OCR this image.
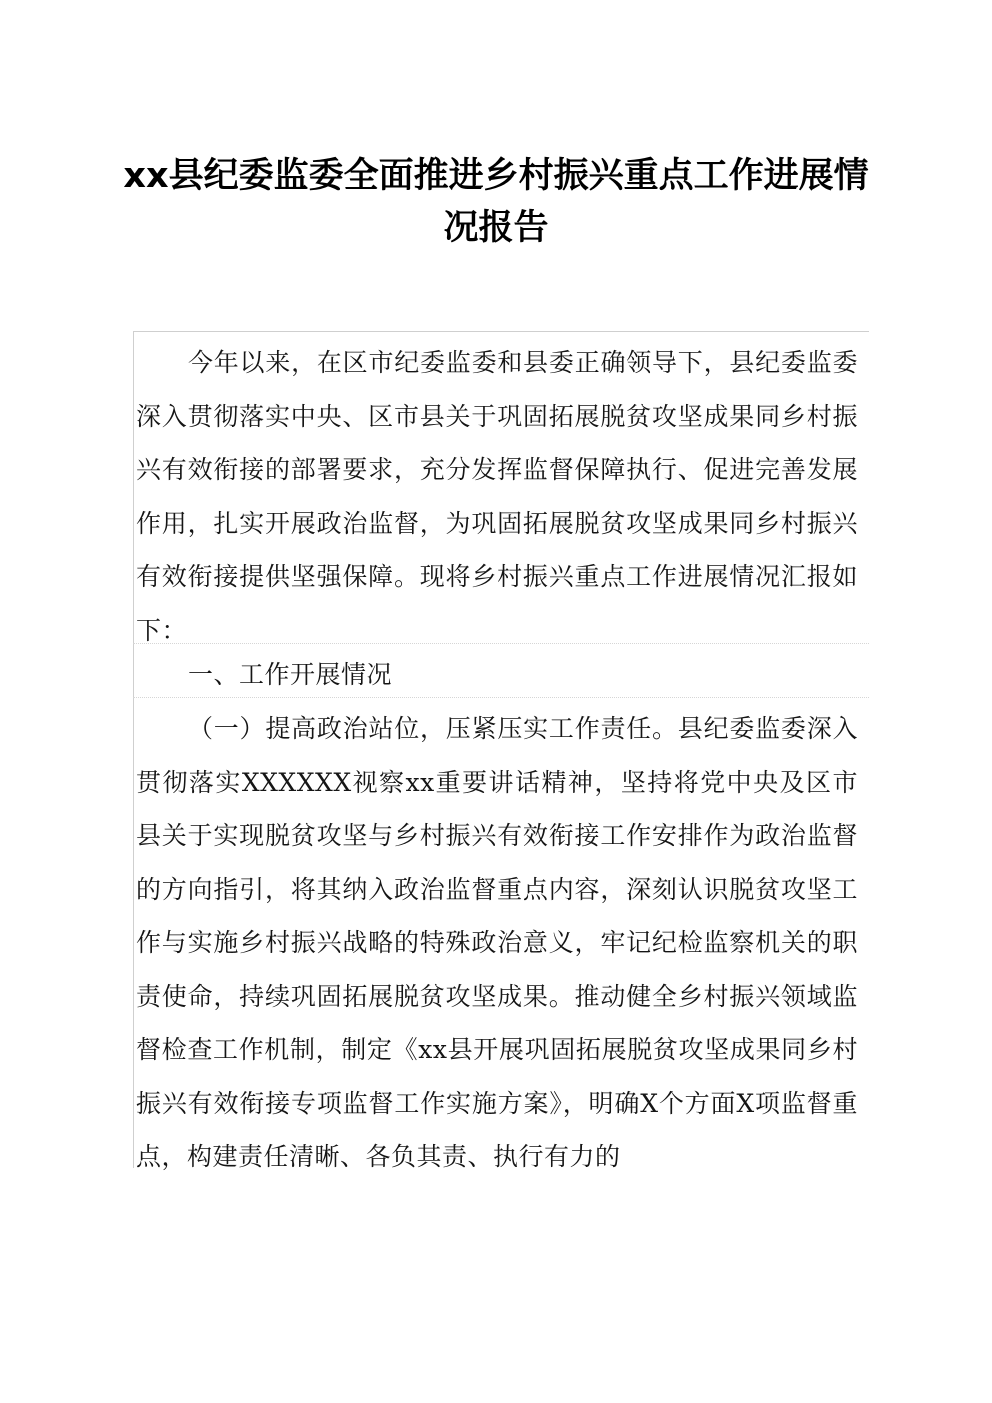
xx县纪委监委全面推进乡村振兴重点工作进展情况报告

今年以来，在区市纪委监委和县委正确领导下，县纪委监委深入贯彻落实中央、区市县关于巩固拓展脱贫攻坚成果同乡村振兴有效衔接的部署要求，充分发挥监督保障执行、促进完善发展作用，扎实开展政治监督，为巩固拓展脱贫攻坚成果同乡村振兴有效衔接提供坚强保障。现将乡村振兴重点工作进展情况汇报如下：

一、工作开展情况

（一）提高政治站位，压紧压实工作责任。县纪委监委深入贯彻落实XXXXXX视察xx重要讲话精神，坚持将党中央及区市县关于实现脱贫攻坚与乡村振兴有效衔接工作安排作为政治监督的方向指引，将其纳入政治监督重点内容，深刻认识脱贫攻坚工作与实施乡村振兴战略的特殊政治意义，牢记纪检监察机关的职责使命，持续巩固拓展脱贫攻坚成果。推动健全乡村振兴领域监督检查工作机制，制定《xx县开展巩固拓展脱贫攻坚成果同乡村振兴有效衔接专项监督工作实施方案》，明确X个方面X项监督重点，构建责任清晰、各负其责、执行有力的
